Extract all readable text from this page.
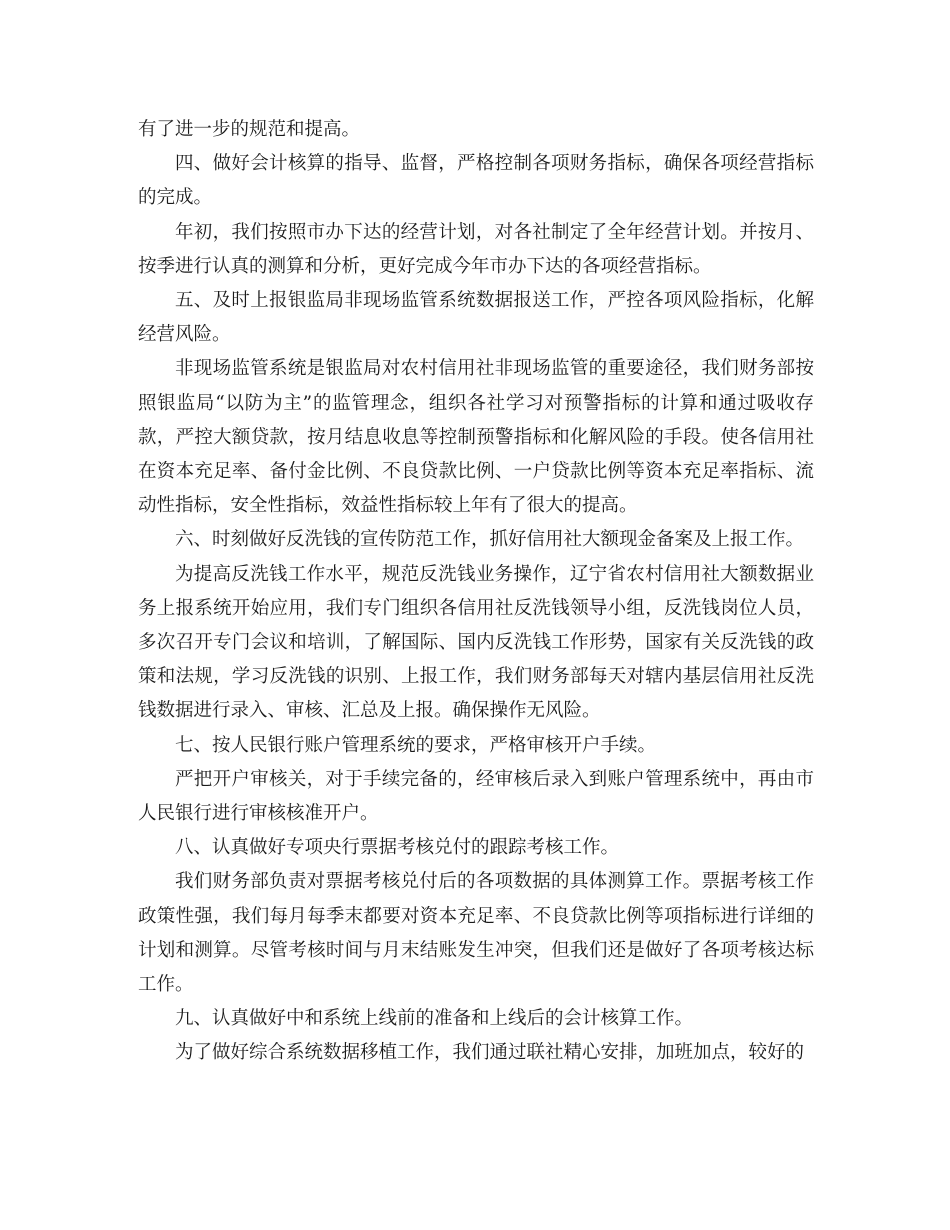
有了进一步的规范和提高。

四、做好会计核算的指导、监督，严格控制各项财务指标，确保各项经营指标的完成。

年初，我们按照市办下达的经营计划，对各社制定了全年经营计划。并按月、按季进行认真的测算和分析，更好完成今年市办下达的各项经营指标。

五、及时上报银监局非现场监管系统数据报送工作，严控各项风险指标，化解经营风险。

非现场监管系统是银监局对农村信用社非现场监管的重要途径，我们财务部按照银监局“以防为主”的监管理念，组织各社学习对预警指标的计算和通过吸收存款，严控大额贷款，按月结息收息等控制预警指标和化解风险的手段。使各信用社在资本充足率、备付金比例、不良贷款比例、一户贷款比例等资本充足率指标、流动性指标，安全性指标，效益性指标较上年有了很大的提高。

六、时刻做好反洗钱的宣传防范工作，抓好信用社大额现金备案及上报工作。

为提高反洗钱工作水平，规范反洗钱业务操作，辽宁省农村信用社大额数据业务上报系统开始应用，我们专门组织各信用社反洗钱领导小组，反洗钱岗位人员，多次召开专门会议和培训，了解国际、国内反洗钱工作形势，国家有关反洗钱的政策和法规，学习反洗钱的识别、上报工作，我们财务部每天对辖内基层信用社反洗钱数据进行录入、审核、汇总及上报。确保操作无风险。

七、按人民银行账户管理系统的要求，严格审核开户手续。

严把开户审核关，对于手续完备的，经审核后录入到账户管理系统中，再由市人民银行进行审核核准开户。

八、认真做好专项央行票据考核兑付的跟踪考核工作。

我们财务部负责对票据考核兑付后的各项数据的具体测算工作。票据考核工作政策性强，我们每月每季末都要对资本充足率、不良贷款比例等项指标进行详细的计划和测算。尽管考核时间与月末结账发生冲突，但我们还是做好了各项考核达标工作。

九、认真做好中和系统上线前的准备和上线后的会计核算工作。

为了做好综合系统数据移植工作，我们通过联社精心安排，加班加点，较好的
